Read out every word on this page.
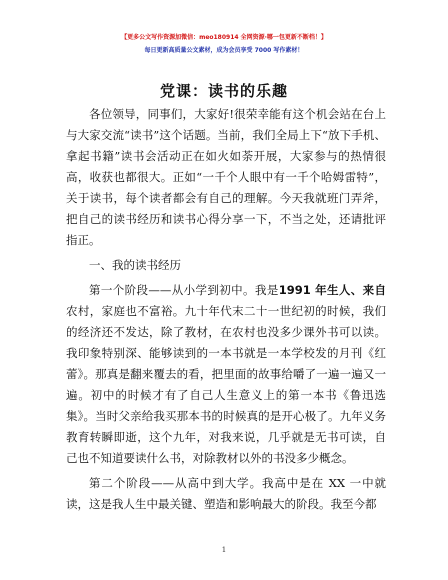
【更多公文写作资源加微信：meo180914 全网资源·哪一包更新不断档！】
每日更新高质量公文素材，成为会员享受 7000 写作素材！
党课：读书的乐趣

各位领导，同事们，大家好!很荣幸能有这个机会站在台上与大家交流“读书”这个话题。当前，我们全局上下“放下手机、拿起书籍”读书会活动正在如火如荼开展，大家参与的热情很高，收获也都很大。正如“一千个人眼中有一千个哈姆雷特”，关于读书，每个读者都会有自己的理解。今天我就班门弄斧，把自己的读书经历和读书心得分享一下，不当之处，还请批评指正。

一、我的读书经历

第一个阶段——从小学到初中。我是1991 年生人、来自农村，家庭也不富裕。九十年代末二十一世纪初的时候，我们的经济还不发达，除了教材，在农村也没多少课外书可以读。我印象特别深、能够读到的一本书就是一本学校发的月刊《红蕾》。那真是翻来覆去的看，把里面的故事给嚼了一遍一遍又一遍。初中的时候才有了自己人生意义上的第一本书《鲁迅选集》。当时父亲给我买那本书的时候真的是开心极了。九年义务教育转瞬即逝，这个九年，对我来说，几乎就是无书可读，自己也不知道要读什么书，对除教材以外的书没多少概念。

第二个阶段——从高中到大学。我高中是在 XX 一中就读，这是我人生中最关键、塑造和影响最大的阶段。我至今都

1
